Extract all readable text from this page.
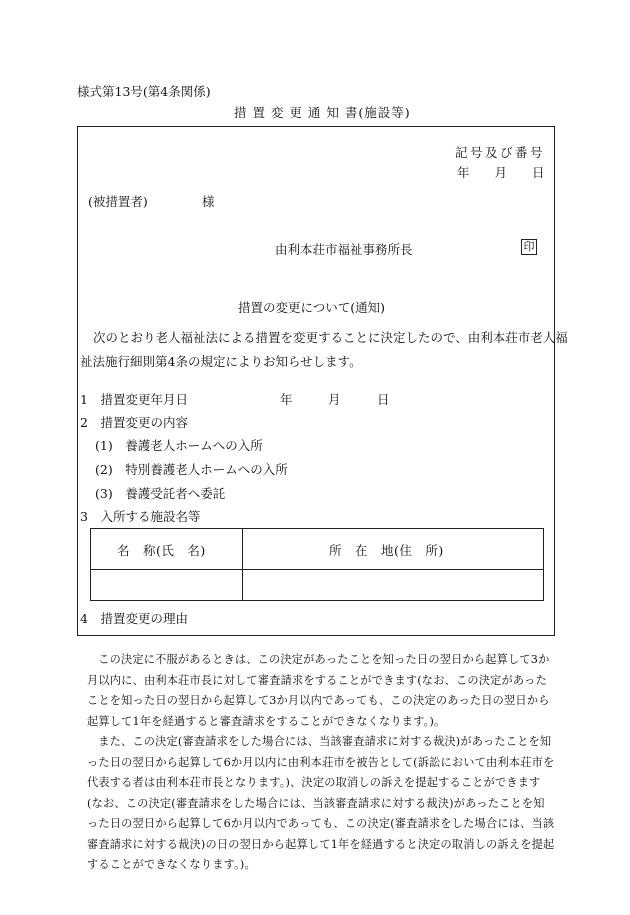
様式第13号(第4条関係)
措 置 変 更 通 知 書(施設等)
記号及び番号
年　　月　　日
(被措置者)	様
由利本荘市福祉事務所長	印
措置の変更について(通知)
次のとおり老人福祉法による措置を変更することに決定したので、由利本荘市老人福
祉法施行細則第4条の規定によりお知らせします。
1　措置変更年月日	年	月	日
2　措置変更の内容
(1)　養護老人ホームへの入所
(2)　特別養護老人ホームへの入所
(3)　養護受託者へ委託
3　入所する施設名等
名　称(氏　名)	所　在　地(住　所)
4　措置変更の理由
この決定に不服があるときは、この決定があったことを知った日の翌日から起算して3か月以内に、由利本荘市長に対して審査請求をすることができます(なお、この決定があったことを知った日の翌日から起算して3か月以内であっても、この決定のあった日の翌日から起算して1年を経過すると審査請求をすることができなくなります。)。
また、この決定(審査請求をした場合には、当該審査請求に対する裁決)があったことを知った日の翌日から起算して6か月以内に由利本荘市を被告として(訴訟において由利本荘市を代表する者は由利本荘市長となります。)、決定の取消しの訴えを提起することができます(なお、この決定(審査請求をした場合には、当該審査請求に対する裁決)があったことを知った日の翌日から起算して6か月以内であっても、この決定(審査請求をした場合には、当該審査請求に対する裁決)の日の翌日から起算して1年を経過すると決定の取消しの訴えを提起することができなくなります。)。
